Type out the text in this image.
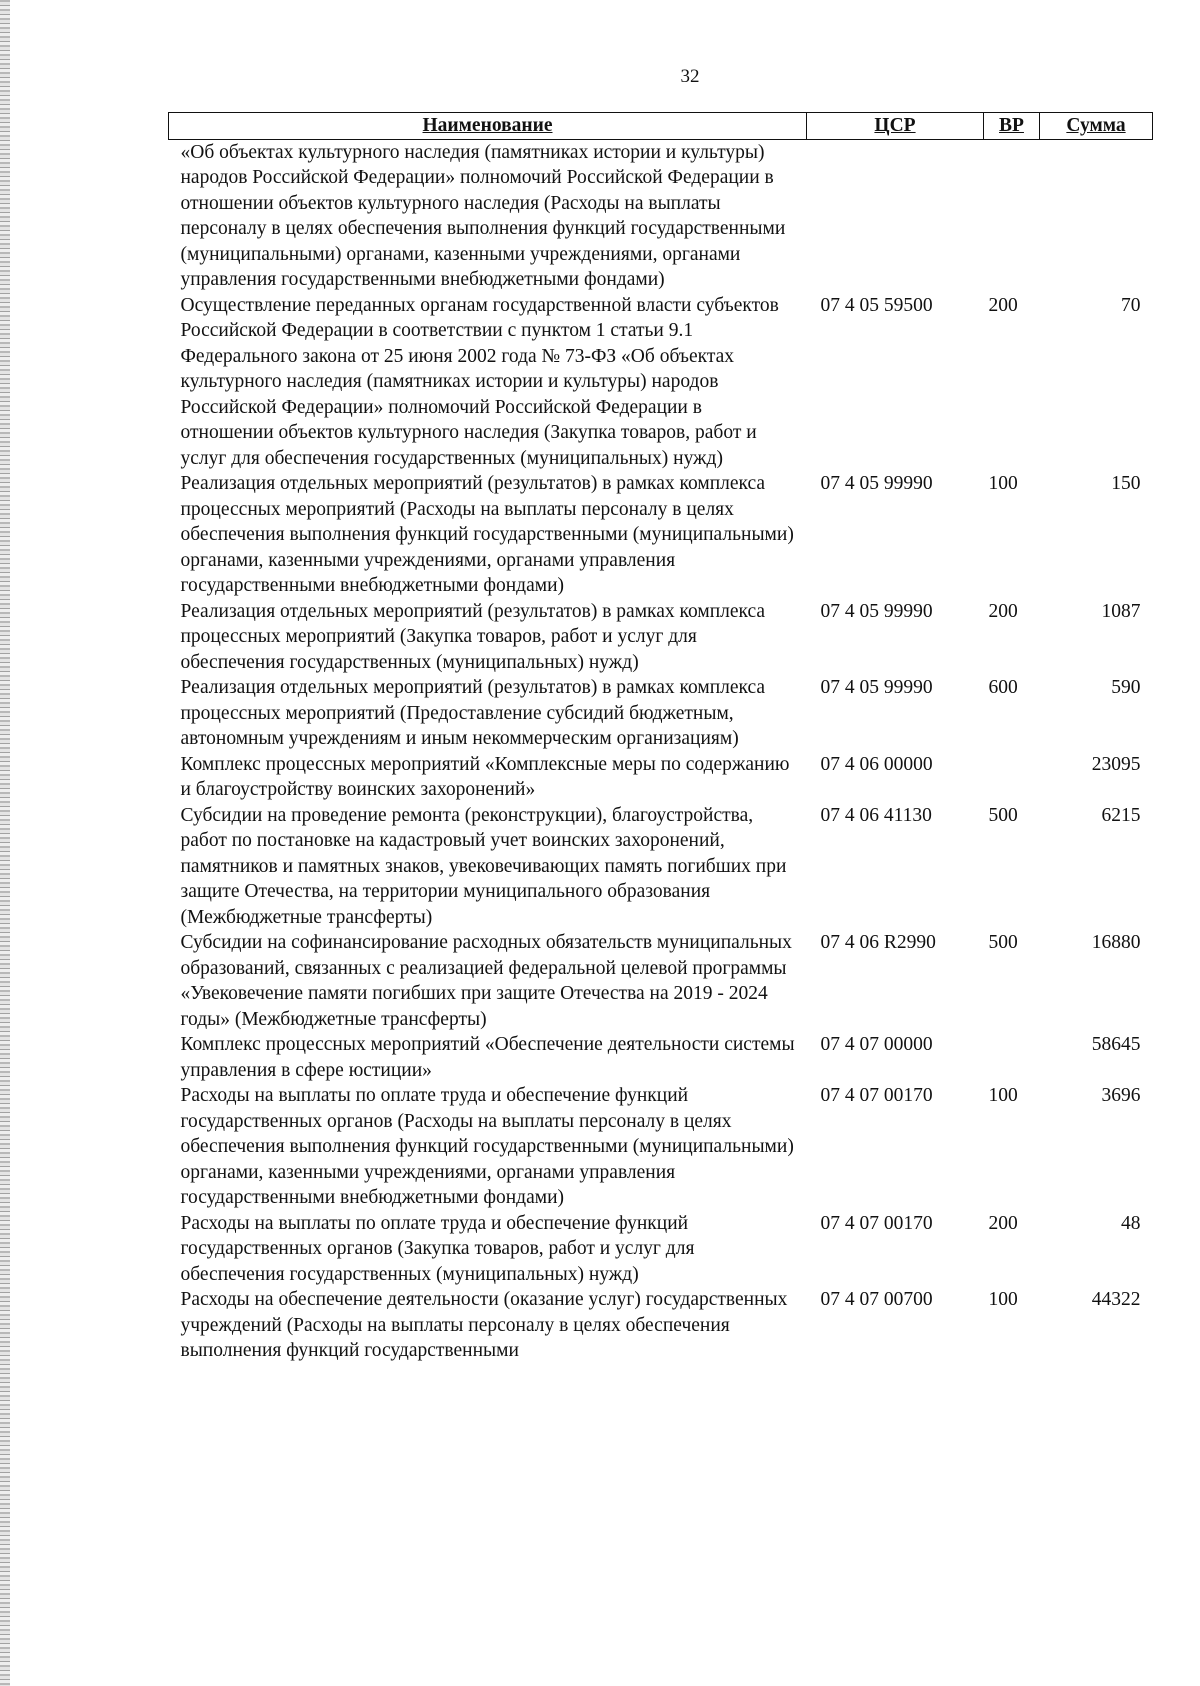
32
Наименование	ЦСР	ВР	Сумма
«Об объектах культурного наследия (памятниках истории и культуры) народов Российской Федерации» полномочий Российской Федерации в отношении объектов культурного наследия (Расходы на выплаты персоналу в целях обеспечения выполнения функций государственными (муниципальными) органами, казенными учреждениями, органами управления государственными внебюджетными фондами)			
Осуществление переданных органам государственной власти субъектов Российской Федерации в соответствии с пунктом 1 статьи 9.1 Федерального закона от 25 июня 2002 года № 73-ФЗ «Об объектах культурного наследия (памятниках истории и культуры) народов Российской Федерации» полномочий Российской Федерации в отношении объектов культурного наследия (Закупка товаров, работ и услуг для обеспечения государственных (муниципальных) нужд)	07 4 05 59500	200	70
Реализация отдельных мероприятий (результатов) в рамках комплекса процессных мероприятий (Расходы на выплаты персоналу в целях обеспечения выполнения функций государственными (муниципальными) органами, казенными учреждениями, органами управления государственными внебюджетными фондами)	07 4 05 99990	100	150
Реализация отдельных мероприятий (результатов) в рамках комплекса процессных мероприятий (Закупка товаров, работ и услуг для обеспечения государственных (муниципальных) нужд)	07 4 05 99990	200	1087
Реализация отдельных мероприятий (результатов) в рамках комплекса процессных мероприятий (Предоставление субсидий бюджетным, автономным учреждениям и иным некоммерческим организациям)	07 4 05 99990	600	590
Комплекс процессных мероприятий «Комплексные меры по содержанию и благоустройству воинских захоронений»	07 4 06 00000		23095
Субсидии на проведение ремонта (реконструкции), благоустройства, работ по постановке на кадастровый учет воинских захоронений, памятников и памятных знаков, увековечивающих память погибших при защите Отечества, на территории муниципального образования (Межбюджетные трансферты)	07 4 06 41130	500	6215
Субсидии на софинансирование расходных обязательств муниципальных образований, связанных с реализацией федеральной целевой программы «Увековечение памяти погибших при защите Отечества на 2019 - 2024 годы» (Межбюджетные трансферты)	07 4 06 R2990	500	16880
Комплекс процессных мероприятий «Обеспечение деятельности системы управления в сфере юстиции»	07 4 07 00000		58645
Расходы на выплаты по оплате труда и обеспечение функций государственных органов (Расходы на выплаты персоналу в целях обеспечения выполнения функций государственными (муниципальными) органами, казенными учреждениями, органами управления государственными внебюджетными фондами)	07 4 07 00170	100	3696
Расходы на выплаты по оплате труда и обеспечение функций государственных органов (Закупка товаров, работ и услуг для обеспечения государственных (муниципальных) нужд)	07 4 07 00170	200	48
Расходы на обеспечение деятельности (оказание услуг) государственных учреждений (Расходы на выплаты персоналу в целях обеспечения выполнения функций государственными	07 4 07 00700	100	44322
